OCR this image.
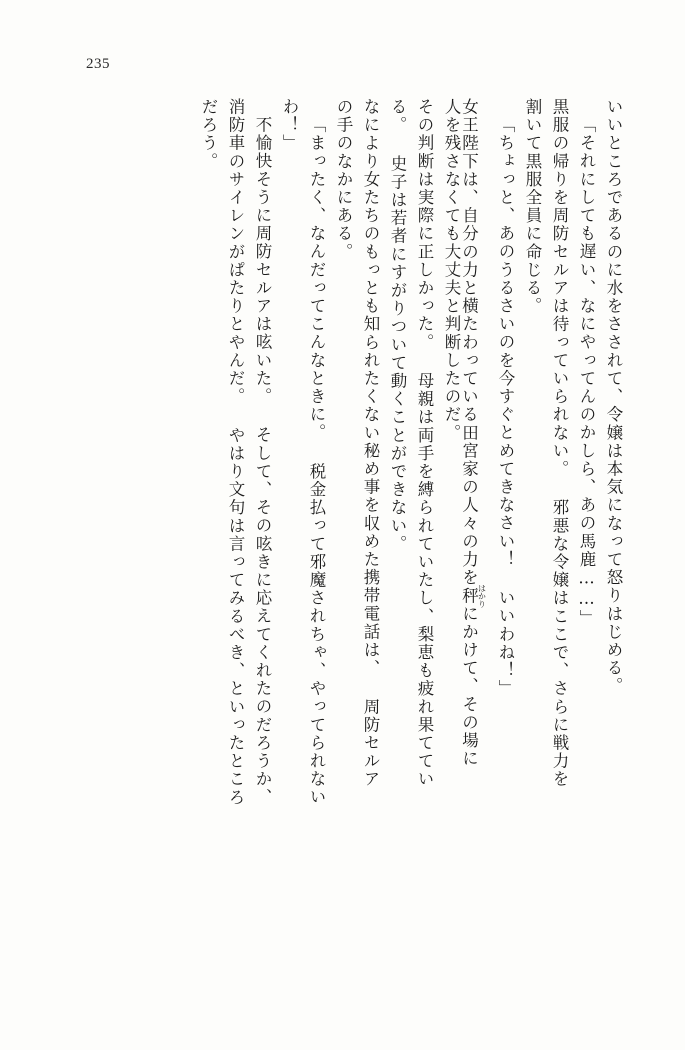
235
いいところであるのに水をさされて、令嬢は本気になって怒りはじめる。
「それにしても遅い、なにやってんのかしら、あの馬鹿……」
黒服の帰りを周防セルアは待っていられない。 邪悪な令嬢はここで、さらに戦力を
割いて黒服全員に命じる。
「ちょっと、あのうるさいのを今すぐとめてきなさい！ いいわね！」
女王陛下は、自分の力と横たわっている田宮家の人々の力を秤 はかりにかけて、その場に
人を残さなくても大丈夫と判断したのだ。
その判断は実際に正しかった。 母親は両手を縛られていたし、梨恵も疲れ果ててい
る。 史子は若者にすがりついて動くことができない。
なにより女たちのもっとも知られたくない秘め事を収めた携帯電話は、 周防セルア
の手のなかにある。
「まったく、なんだってこんなときに。 税金払って邪魔されちゃ、やってられない
わ！」
不愉快そうに周防セルアは呟いた。 そして、その呟きに応えてくれたのだろうか、
消防車のサイレンがぱたりとやんだ。 やはり文句は言ってみるべき、といったところ
だろう。
